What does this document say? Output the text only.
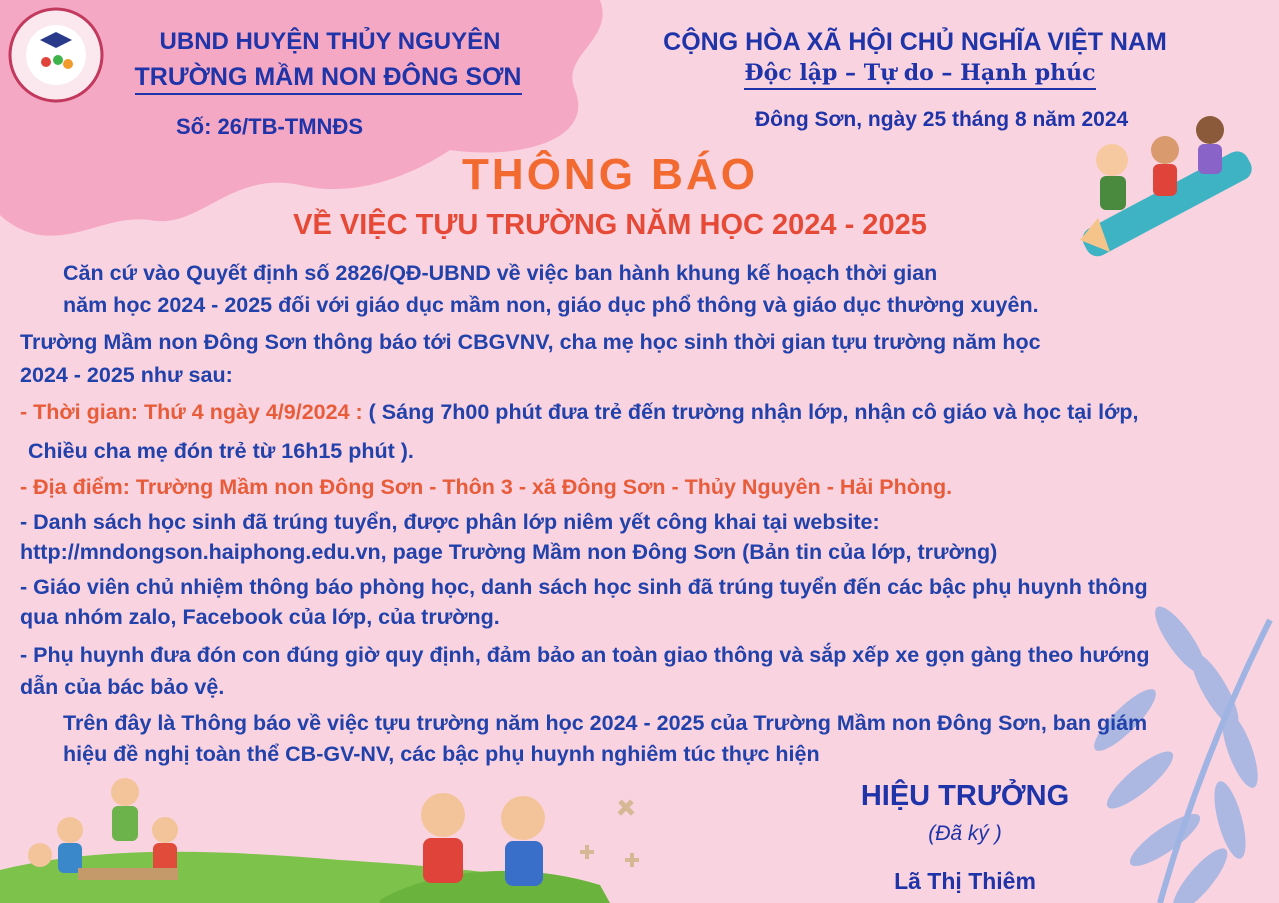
UBND HUYỆN THỦY NGUYÊN
TRƯỜNG MẦM NON ĐÔNG SƠN
Số: 26/TB-TMNĐS
CỘNG HÒA XÃ HỘI CHỦ NGHĨA VIỆT NAM
Độc lập – Tự do – Hạnh phúc
Đông Sơn, ngày 25 tháng 8 năm 2024
THÔNG BÁO
VỀ VIỆC TỰU TRƯỜNG NĂM HỌC 2024 - 2025
Căn cứ vào Quyết định số 2826/QĐ-UBND về việc ban hành khung kế hoạch thời gian
năm học 2024 - 2025 đối với giáo dục mầm non, giáo dục phổ thông và giáo dục thường xuyên.
Trường Mầm non Đông Sơn thông báo tới CBGVNV, cha mẹ học sinh thời gian tựu trường năm học
2024 - 2025 như sau:
- Thời gian: Thứ 4 ngày 4/9/2024 : ( Sáng 7h00 phút đưa trẻ đến trường nhận lớp, nhận cô giáo và học tại lớp,
Chiều cha mẹ đón trẻ từ 16h15 phút ).
- Địa điểm: Trường Mầm non Đông Sơn - Thôn 3 - xã Đông Sơn - Thủy Nguyên - Hải Phòng.
- Danh sách học sinh đã trúng tuyển, được phân lớp niêm yết công khai tại website:
http://mndongson.haiphong.edu.vn, page Trường Mầm non Đông Sơn (Bản tin của lớp, trường)
- Giáo viên chủ nhiệm thông báo phòng học, danh sách học sinh đã trúng tuyển đến các bậc phụ huynh thông
qua nhóm zalo, Facebook của lớp, của trường.
- Phụ huynh đưa đón con đúng giờ quy định, đảm bảo an toàn giao thông và sắp xếp xe gọn gàng theo hướng
dẫn của bác bảo vệ.
Trên đây là Thông báo về việc tựu trường năm học 2024 - 2025 của Trường Mầm non Đông Sơn, ban giám
hiệu đề nghị toàn thể CB-GV-NV, các bậc phụ huynh nghiêm túc thực hiện
HIỆU TRƯỞNG
(Đã ký )
Lã Thị Thiêm
